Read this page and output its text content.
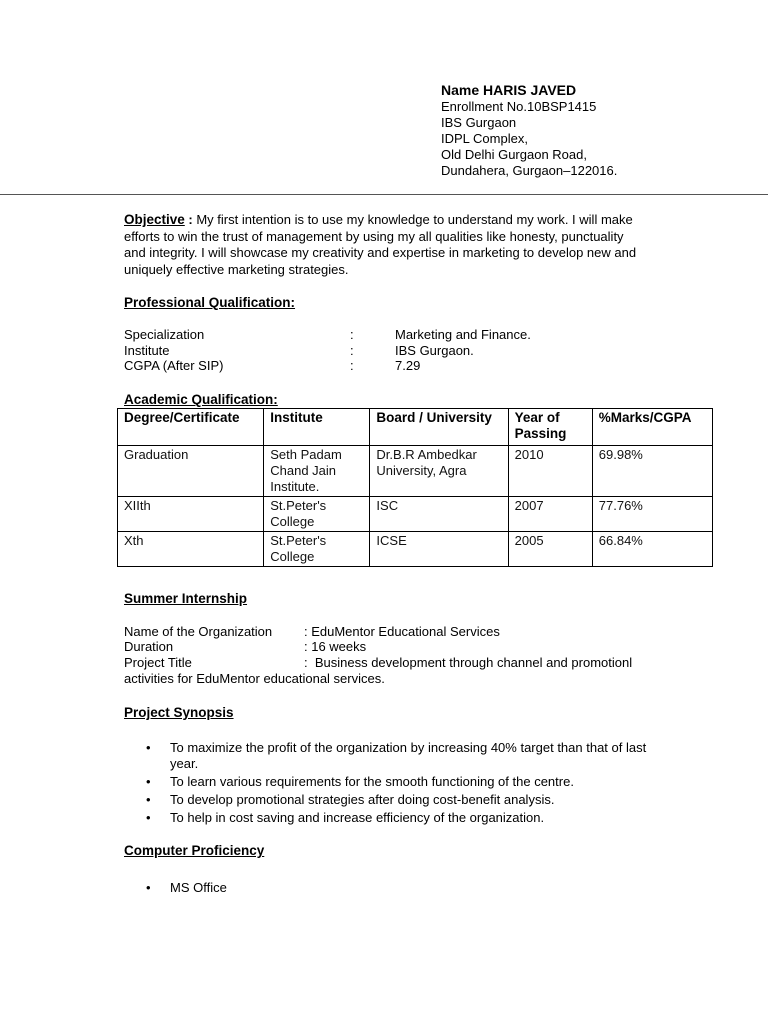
Name HARIS JAVED
Enrollment No.10BSP1415
IBS Gurgaon
IDPL Complex,
Old Delhi Gurgaon Road,
Dundahera, Gurgaon–122016.
Objective : My first intention is to use my knowledge to understand my work. I will make efforts to win the trust of management by using my all qualities like honesty, punctuality and integrity. I will showcase my creativity and expertise in marketing to develop new and uniquely effective marketing strategies.
Professional Qualification:
Specialization	:	Marketing and Finance.
Institute	:	IBS Gurgaon.
CGPA (After SIP)	:	7.29
Academic Qualification:
Degree/Certificate	Institute	Board / University	Year of Passing	%Marks/CGPA
Graduation	Seth Padam Chand Jain Institute.	Dr.B.R Ambedkar University, Agra	2010	69.98%
XIIth	St.Peter's College	ISC	2007	77.76%
Xth	St.Peter's College	ICSE	2005	66.84%
Summer Internship
Name of the Organization : EduMentor Educational Services
Duration	: 16 weeks
Project Title	:  Business development through channel and promotionl
activities for EduMentor educational services.
Project Synopsis
• To maximize the profit of the organization by increasing 40% target than that of last year.
• To learn various requirements for the smooth functioning of the centre.
• To develop promotional strategies after doing cost-benefit analysis.
• To help in cost saving and increase efficiency of the organization.
Computer Proficiency
• MS Office
